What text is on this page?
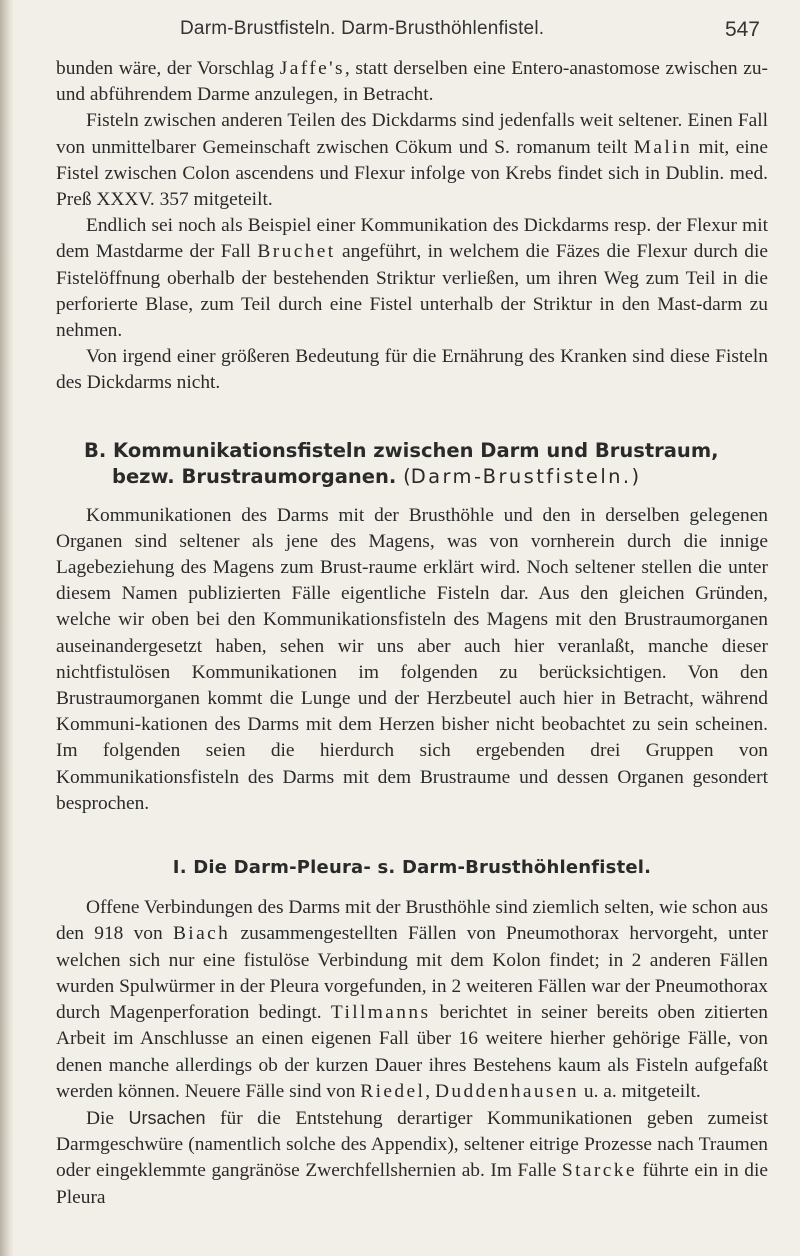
Darm-Brustfisteln. Darm-Brusthöhlenfistel.	547

bunden wäre, der Vorschlag Jaffe's, statt derselben eine Entero-anastomose zwischen zu- und abführendem Darme anzulegen, in Betracht.

Fisteln zwischen anderen Teilen des Dickdarms sind jedenfalls weit seltener. Einen Fall von unmittelbarer Gemeinschaft zwischen Cökum und S. romanum teilt Malin mit, eine Fistel zwischen Colon ascendens und Flexur infolge von Krebs findet sich in Dublin. med. Preß XXXV. 357 mitgeteilt.

Endlich sei noch als Beispiel einer Kommunikation des Dickdarms resp. der Flexur mit dem Mastdarme der Fall Bruchet angeführt, in welchem die Fäzes die Flexur durch die Fistelöffnung oberhalb der bestehenden Striktur verließen, um ihren Weg zum Teil in die perforierte Blase, zum Teil durch eine Fistel unterhalb der Striktur in den Mast-darm zu nehmen.

Von irgend einer größeren Bedeutung für die Ernährung des Kranken sind diese Fisteln des Dickdarms nicht.

B. Kommunikationsfisteln zwischen Darm und Brustraum,
bezw. Brustraumorganen. (Darm-Brustfisteln.)

Kommunikationen des Darms mit der Brusthöhle und den in derselben gelegenen Organen sind seltener als jene des Magens, was von vornherein durch die innige Lagebeziehung des Magens zum Brust-raume erklärt wird. Noch seltener stellen die unter diesem Namen publizierten Fälle eigentliche Fisteln dar. Aus den gleichen Gründen, welche wir oben bei den Kommunikationsfisteln des Magens mit den Brustraumorganen auseinandergesetzt haben, sehen wir uns aber auch hier veranlaßt, manche dieser nichtfistulösen Kommunikationen im folgenden zu berücksichtigen. Von den Brustraumorganen kommt die Lunge und der Herzbeutel auch hier in Betracht, während Kommuni-kationen des Darms mit dem Herzen bisher nicht beobachtet zu sein scheinen. Im folgenden seien die hierdurch sich ergebenden drei Gruppen von Kommunikationsfisteln des Darms mit dem Brustraume und dessen Organen gesondert besprochen.

I. Die Darm-Pleura- s. Darm-Brusthöhlenfistel.

Offene Verbindungen des Darms mit der Brusthöhle sind ziemlich selten, wie schon aus den 918 von Biach zusammengestellten Fällen von Pneumothorax hervorgeht, unter welchen sich nur eine fistulöse Verbindung mit dem Kolon findet; in 2 anderen Fällen wurden Spulwürmer in der Pleura vorgefunden, in 2 weiteren Fällen war der Pneumothorax durch Magenperforation bedingt. Tillmanns berichtet in seiner bereits oben zitierten Arbeit im Anschlusse an einen eigenen Fall über 16 weitere hierher gehörige Fälle, von denen manche allerdings ob der kurzen Dauer ihres Bestehens kaum als Fisteln aufgefaßt werden können. Neuere Fälle sind von Riedel, Duddenhausen u. a. mitgeteilt.

Die Ursachen für die Entstehung derartiger Kommunikationen geben zumeist Darmgeschwüre (namentlich solche des Appendix), seltener eitrige Prozesse nach Traumen oder eingeklemmte gangränöse Zwerchfellshernien ab. Im Falle Starcke führte ein in die Pleura
